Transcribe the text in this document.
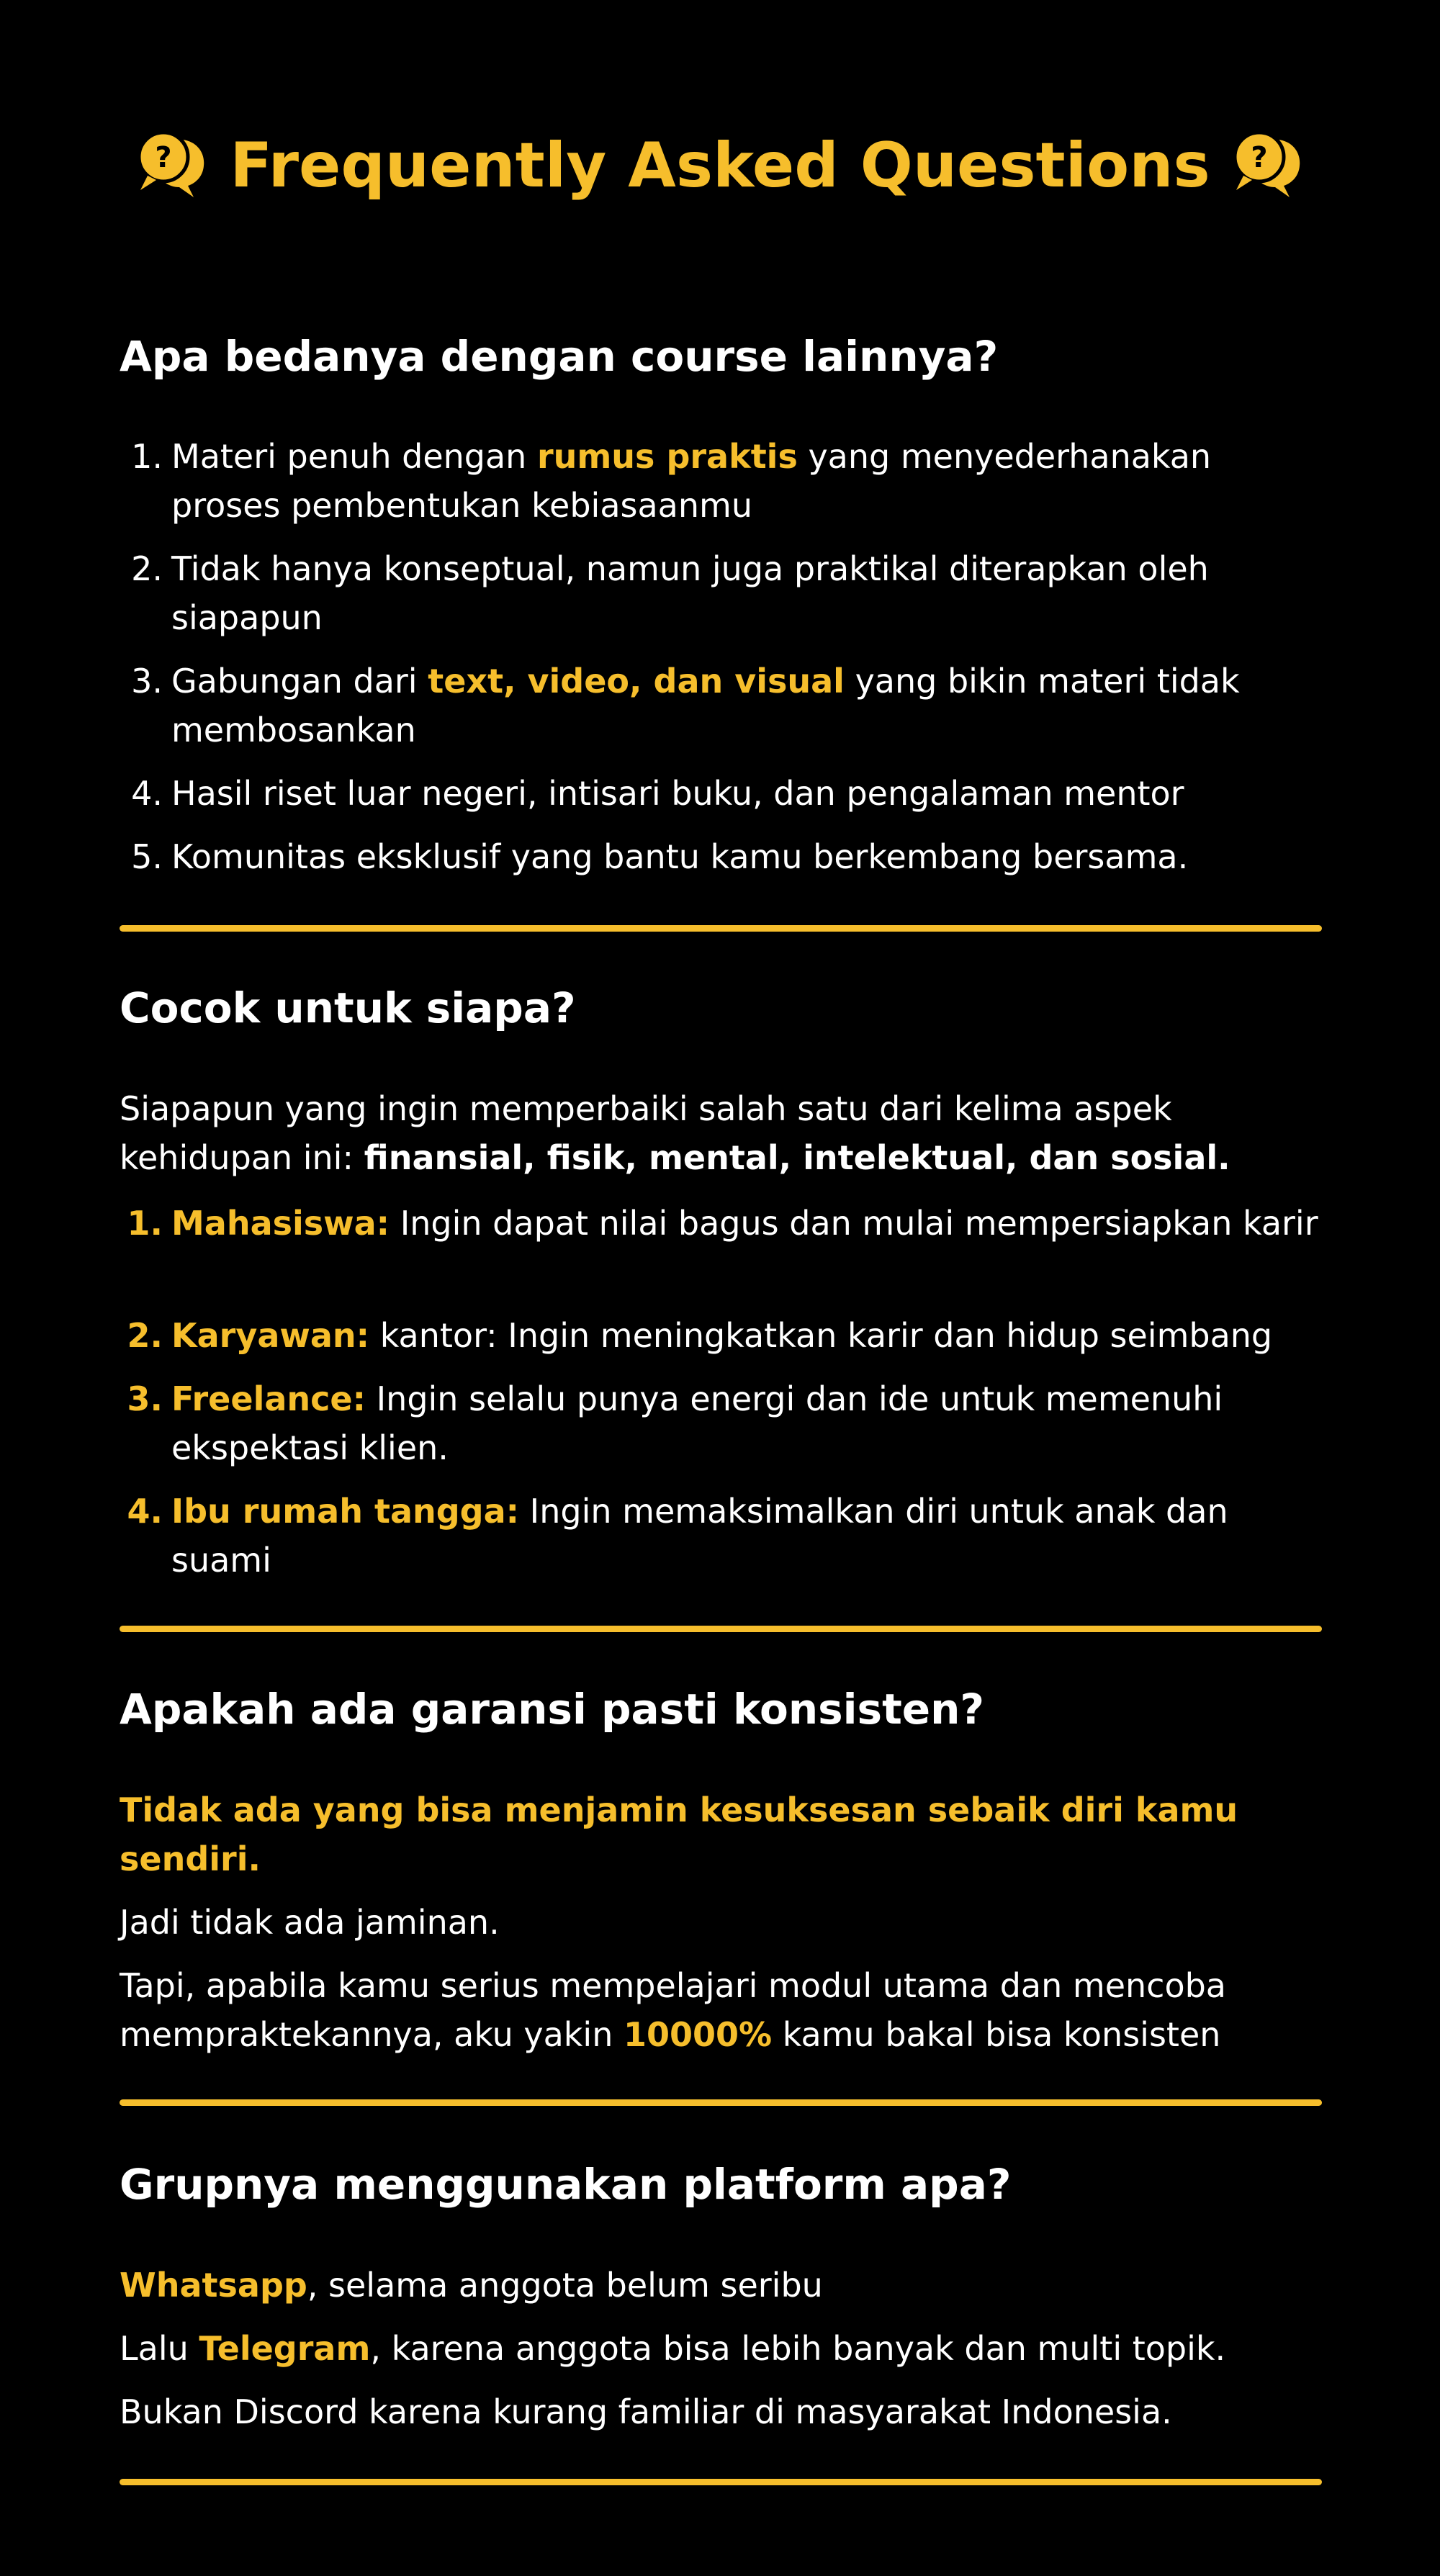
? Frequently Asked Questions ?
Apa bedanya dengan course lainnya?
1. Materi penuh dengan rumus praktis yang menyederhanakan proses pembentukan kebiasaanmu
2. Tidak hanya konseptual, namun juga praktikal diterapkan oleh siapapun
3. Gabungan dari text, video, dan visual yang bikin materi tidak membosankan
4. Hasil riset luar negeri, intisari buku, dan pengalaman mentor
5. Komunitas eksklusif yang bantu kamu berkembang bersama.
Cocok untuk siapa?

Siapapun yang ingin memperbaiki salah satu dari kelima aspek kehidupan ini: finansial, fisik, mental, intelektual, dan sosial.

1. Mahasiswa: Ingin dapat nilai bagus dan mulai mempersiapkan karir
2. Karyawan: kantor: Ingin meningkatkan karir dan hidup seimbang
3. Freelance: Ingin selalu punya energi dan ide untuk memenuhi ekspektasi klien.
4. Ibu rumah tangga: Ingin memaksimalkan diri untuk anak dan suami
Apakah ada garansi pasti konsisten?

Tidak ada yang bisa menjamin kesuksesan sebaik diri kamu sendiri.

Jadi tidak ada jaminan.

Tapi, apabila kamu serius mempelajari modul utama dan mencoba mempraktekannya, aku yakin 10000% kamu bakal bisa konsisten

Grupnya menggunakan platform apa?

Whatsapp, selama anggota belum seribu

Lalu Telegram, karena anggota bisa lebih banyak dan multi topik.

Bukan Discord karena kurang familiar di masyarakat Indonesia.
